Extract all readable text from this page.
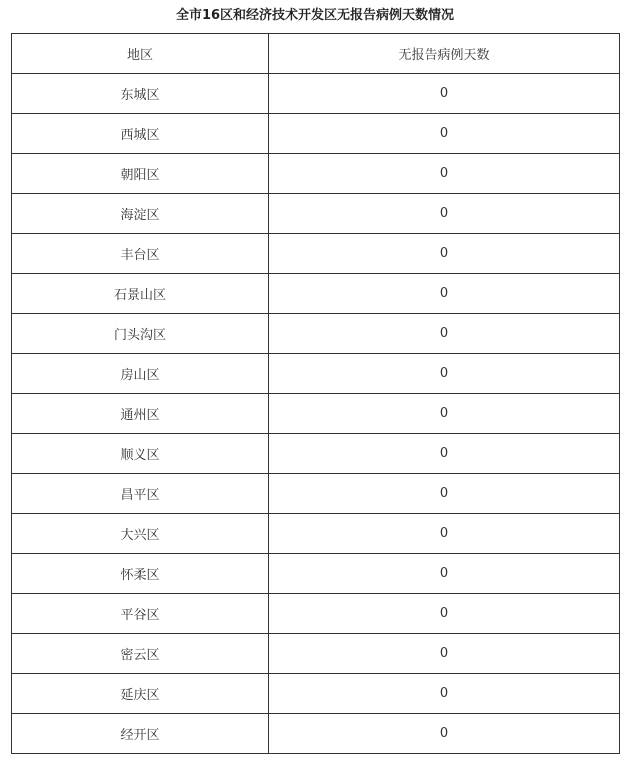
全市16区和经济技术开发区无报告病例天数情况
地区	无报告病例天数
东城区	0
西城区	0
朝阳区	0
海淀区	0
丰台区	0
石景山区	0
门头沟区	0
房山区	0
通州区	0
顺义区	0
昌平区	0
大兴区	0
怀柔区	0
平谷区	0
密云区	0
延庆区	0
经开区	0
